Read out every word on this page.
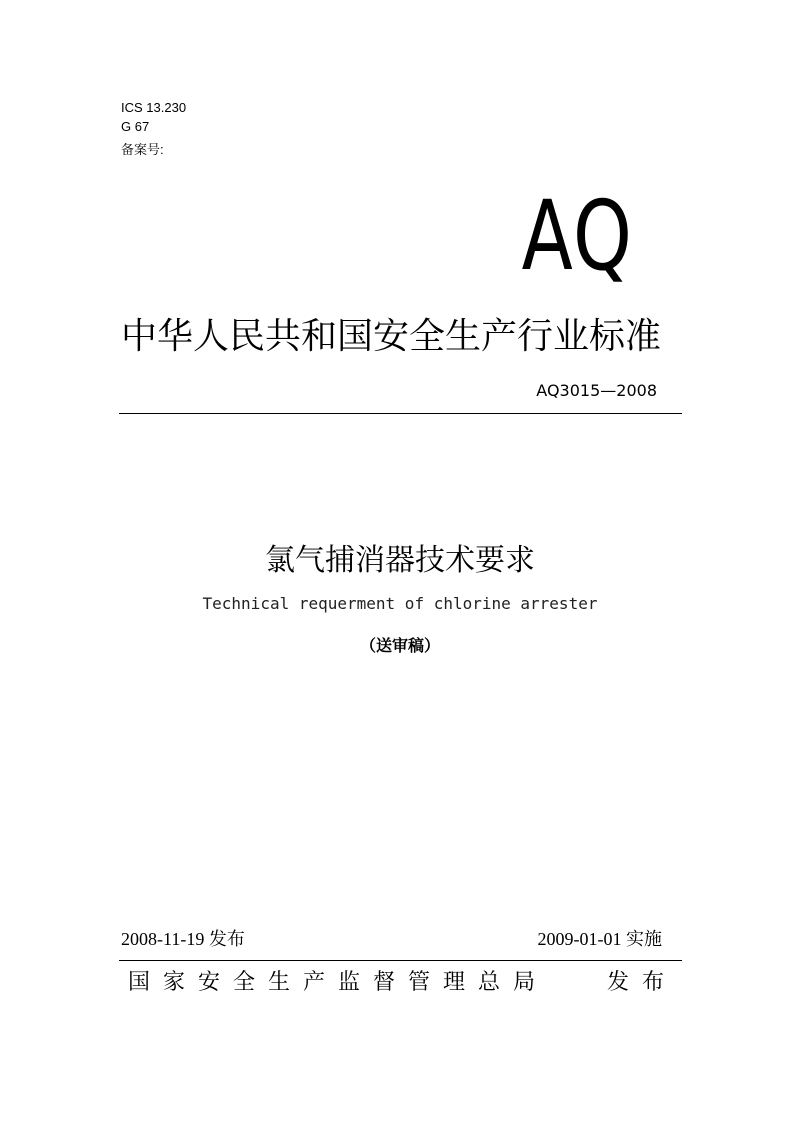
ICS 13.230
G 67
备案号:
AQ
中华人民共和国安全生产行业标准
AQ3015—2008
氯气捕消器技术要求
Technical requerment of chlorine arrester
（送审稿）
2008-11-19 发布	2009-01-01 实施
国家安全生产监督管理总局	发布
